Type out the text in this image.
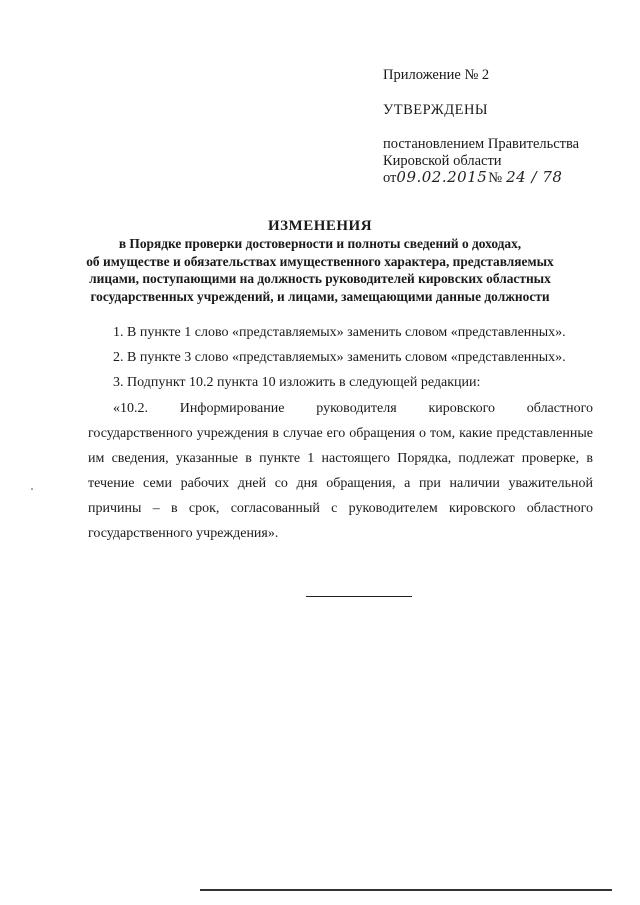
Приложение № 2
УТВЕРЖДЕНЫ
постановлением Правительства
Кировской области
от09.02.2015№ 24 / 78
ИЗМЕНЕНИЯ
в Порядке проверки достоверности и полноты сведений о доходах,
об имуществе и обязательствах имущественного характера, представляемых
лицами, поступающими на должность руководителей кировских областных
государственных учреждений, и лицами, замещающими данные должности
1. В пункте 1 слово «представляемых» заменить словом «представленных».
2. В пункте 3 слово «представляемых» заменить словом «представленных».
3. Подпункт 10.2 пункта 10 изложить в следующей редакции:
«10.2. Информирование руководителя кировского областного
государственного учреждения в случае его обращения о том, какие представленные
им сведения, указанные в пункте 1 настоящего Порядка, подлежат проверке, в
течение семи рабочих дней со дня обращения, а при наличии уважительной
причины – в срок, согласованный с руководителем кировского областного
государственного учреждения».
